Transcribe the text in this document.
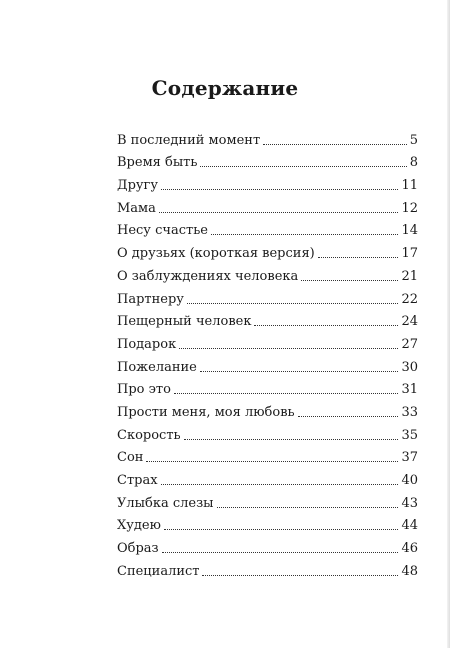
Содержание
В последний момент	5
Время быть	8
Другу	11
Мама	12
Несу счастье	14
О друзьях (короткая версия)	17
О заблуждениях человека	21
Партнеру	22
Пещерный человек	24
Подарок	27
Пожелание	30
Про это	31
Прости меня, моя любовь	33
Скорость	35
Сон	37
Страх	40
Улыбка слезы	43
Худею	44
Образ	46
Специалист	48
